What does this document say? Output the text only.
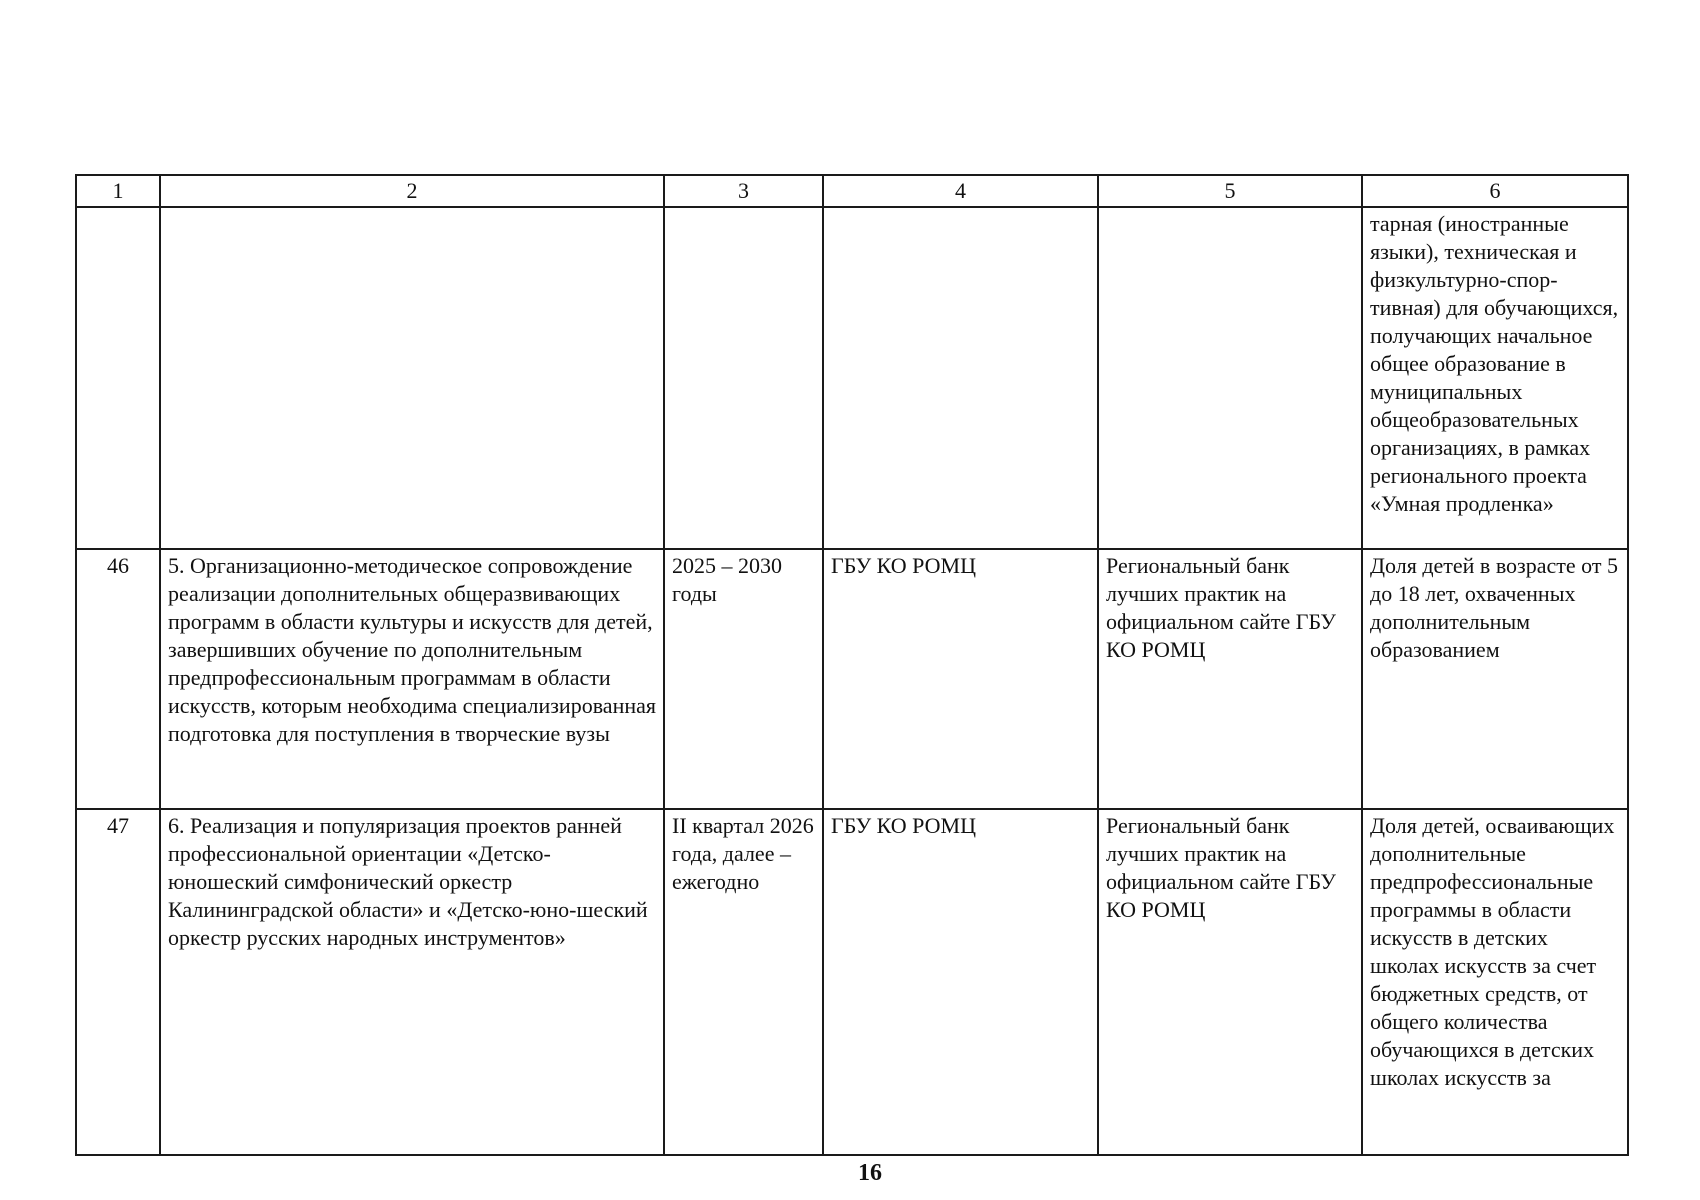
1	2	3	4	5	6
					тарная (иностранные языки), техническая и физкультурно-спор-тивная) для обучающихся, получающих начальное общее образование в муниципальных общеобразовательных организациях, в рамках регионального проекта «Умная продленка»
46	5. Организационно-методическое сопровождение реализации дополнительных общеразвивающих программ в области культуры и искусств для детей, завершивших обучение по дополнительным предпрофессиональным программам в области искусств, которым необходима специализированная подготовка для поступления в творческие вузы	2025 – 2030 годы	ГБУ КО РОМЦ	Региональный банк лучших практик на официальном сайте ГБУ КО РОМЦ	Доля детей в возрасте от 5 до 18 лет, охваченных дополнительным образованием
47	6. Реализация и популяризация проектов ранней профессиональной ориентации «Детско-юношеский симфонический оркестр Калининградской области» и «Детско-юно-шеский оркестр русских народных инструментов»	II квартал 2026 года, далее – ежегодно	ГБУ КО РОМЦ	Региональный банк лучших практик на официальном сайте ГБУ КО РОМЦ	Доля детей, осваивающих дополнительные предпрофессиональные программы в области искусств в детских школах искусств за счет бюджетных средств, от общего количества обучающихся в детских школах искусств за
16
